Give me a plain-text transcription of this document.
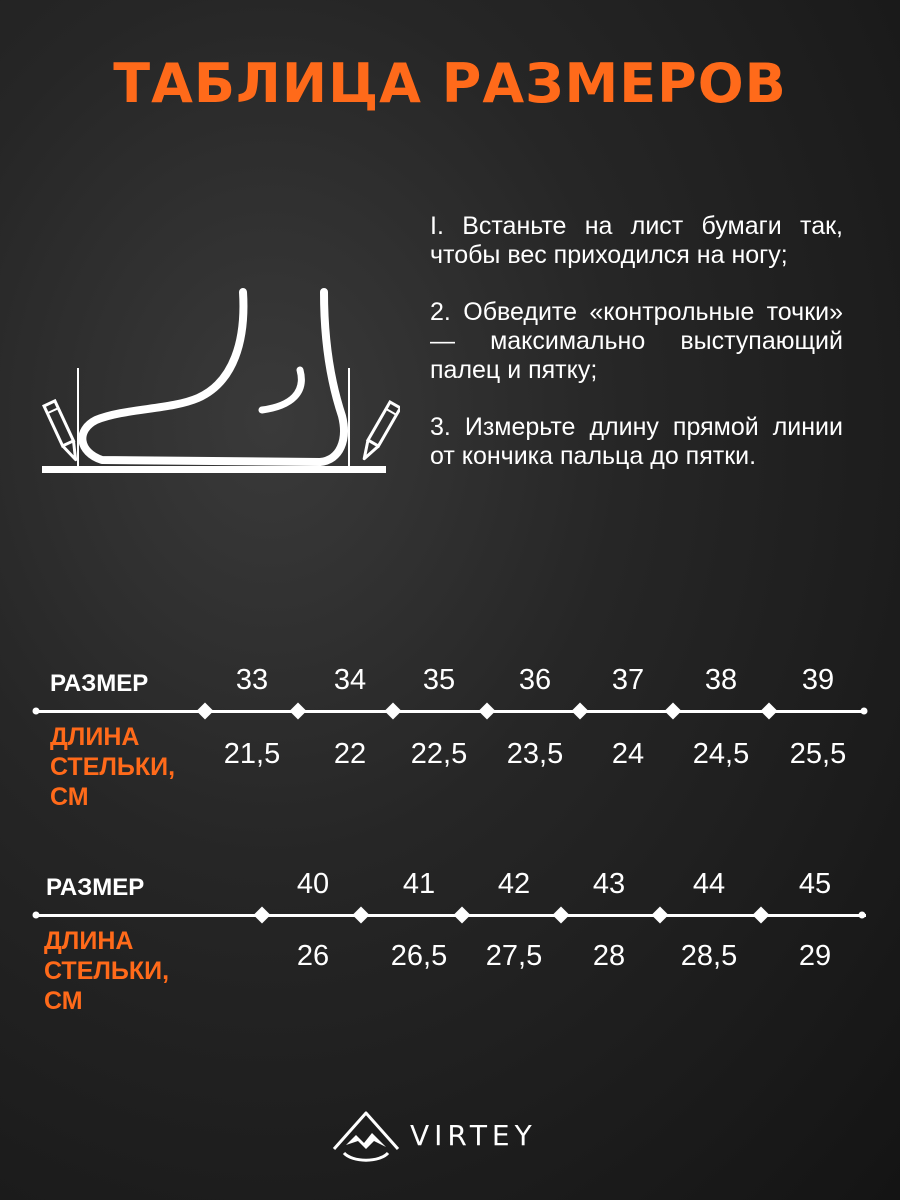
ТАБЛИЦА РАЗМЕРОВ

I. Встаньте на лист бумаги так, чтобы вес приходился на ногу;

2. Обведите «контрольные точки» — максимально выступающий палец и пятку;

3. Измерьте длину прямой линии от кончика пальца до пятки.

РАЗМЕР	33 34 35 36 37 38 39
ДЛИНА
СТЕЛЬКИ,
СМ
21,5 22 22,5 23,5 24 24,5 25,5
РАЗМЕР	40	41 42 43 44	45
ДЛИНА
СТЕЛЬКИ,
СМ
26 26,5 27,5 28 28,5 29
VIRTEY
